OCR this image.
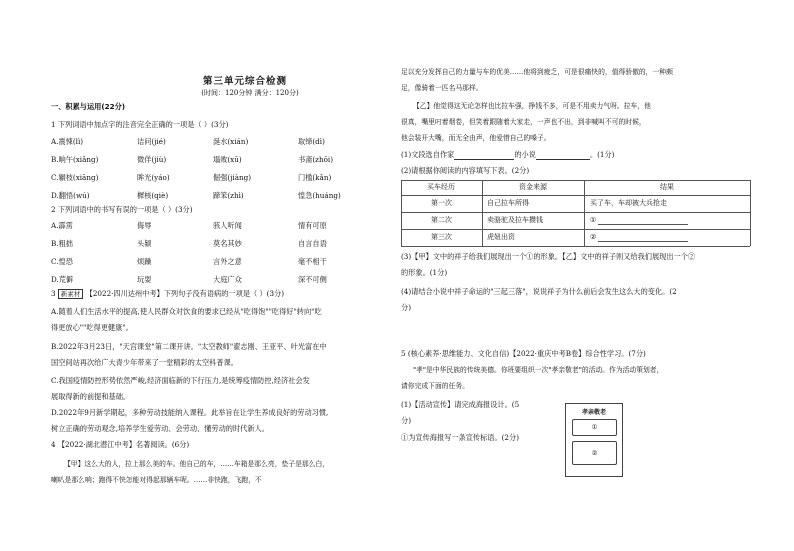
第三单元综合检测
(时间：120分钟 满分：120分)
一、积累与运用(22分)
1 下列词语中加点字的注音完全正确的一项是（ ）(3分)
A.震悚(lì)	诘问(jié)	涎水(xián)	取缔(dì)
B.晌午(xiǎng)	微佯(jiù)	塌败(xū)	书斋(zhōi)
C.辗枝(xiāng)	眸光(yáo)	倔强(jiàng)	门槛(kǎn)
D.翻悟(wú)	樨核(qiè)	蹄笨(zhì)	惶急(huáng)
2 下列词语中的书写有误的一项是（ ）(3分)
A.霹雳	侮辱	骇人听闻	情有可原
B.粗拙	头颖	莫名其妙	自言自语
C.惶恐	烦躁	言外之意	毫不相干
D.荒僻	玩耍	大庭广众	深不可侧
3 新素材 【2022·四川达州中考】下列句子没有语病的一项是（ ）(3分)
A.随着人们生活水平的提高,使人民群众对饮食的要求已经从"吃得饱""吃得好"转向"吃
得更放心""吃得更健康"。
B.2022年3月23日，"天宫课堂"第二课开讲。"太空教师"翟志刚、王亚平、叶光富在中
国空间站再次给广大青少年带来了一堂精彩的太空科普课。
C.我国疫情防控形势依然严峻,经济面临新的下行压力,是统筹疫情防控,经济社会发
展取得新的前提和基础。
D.2022年9月新学期起，多种劳动技能纳入课程。此举旨在让学生养成良好的劳动习惯,
树立正确的劳动观念,培养学生爱劳动、会劳动、懂劳动的时代新人。
4 【2022·湖北潜江中考】名著阅读。(6分)
【甲】这么大的人，拉上那么美的车。他自己的车，……车箱是那么亮，垫子是那么白，
喇叭是那么响；跑得不快怎能对得起那辆车呢。……非快跑，飞跑，不
足以充分发挥自己的力量与车的优美……他将到疲乏，可是很痛快的，值得骄傲的，一种颇
足，像骑着一匹名马那样。
【乙】他觉得这无论怎样也比拉车强，挣钱不多，可是不用卖力气呀。拉车，他
很真，嘴里叼着烟卷，但笑着跟随着大家走，一声也不出，到非喊叫不可的时候，
他会装开大嘴，而无全由声，他爱惜自己的嗓子。
(1)文段选自作家	的小说	。(1分)
(2)请根据你阅读的内容填写下表。(2分)
买车经历	资金来源	结果
第一次	自己拉车所得	买了车，车却被大兵抢走
第二次	卖骆驼及拉车攒钱	①
第三次	虎妞出资	②
(3)【甲】文中的祥子给我们展现出一个①的形象。【乙】文中的祥子则又给我们展现出一个②
的形象。(1分)
(4)请结合小说中祥子命运的"三起三落"，说说祥子为什么前后会发生这么大的变化。(2
分)
5 (核心素养·思维能力、文化自信)【2022·重庆中考B卷】综合性学习。(7分)
"孝"是中华民族的传统美德。你班要组织一次"孝亲敬老"的活动。作为活动策划者，
请你完成下面的任务。
(1)【活动宣传】请完成海报设计。(5
分)
①为宣传海报写一条宣传标语。(2分)
孝亲敬老
①
②
